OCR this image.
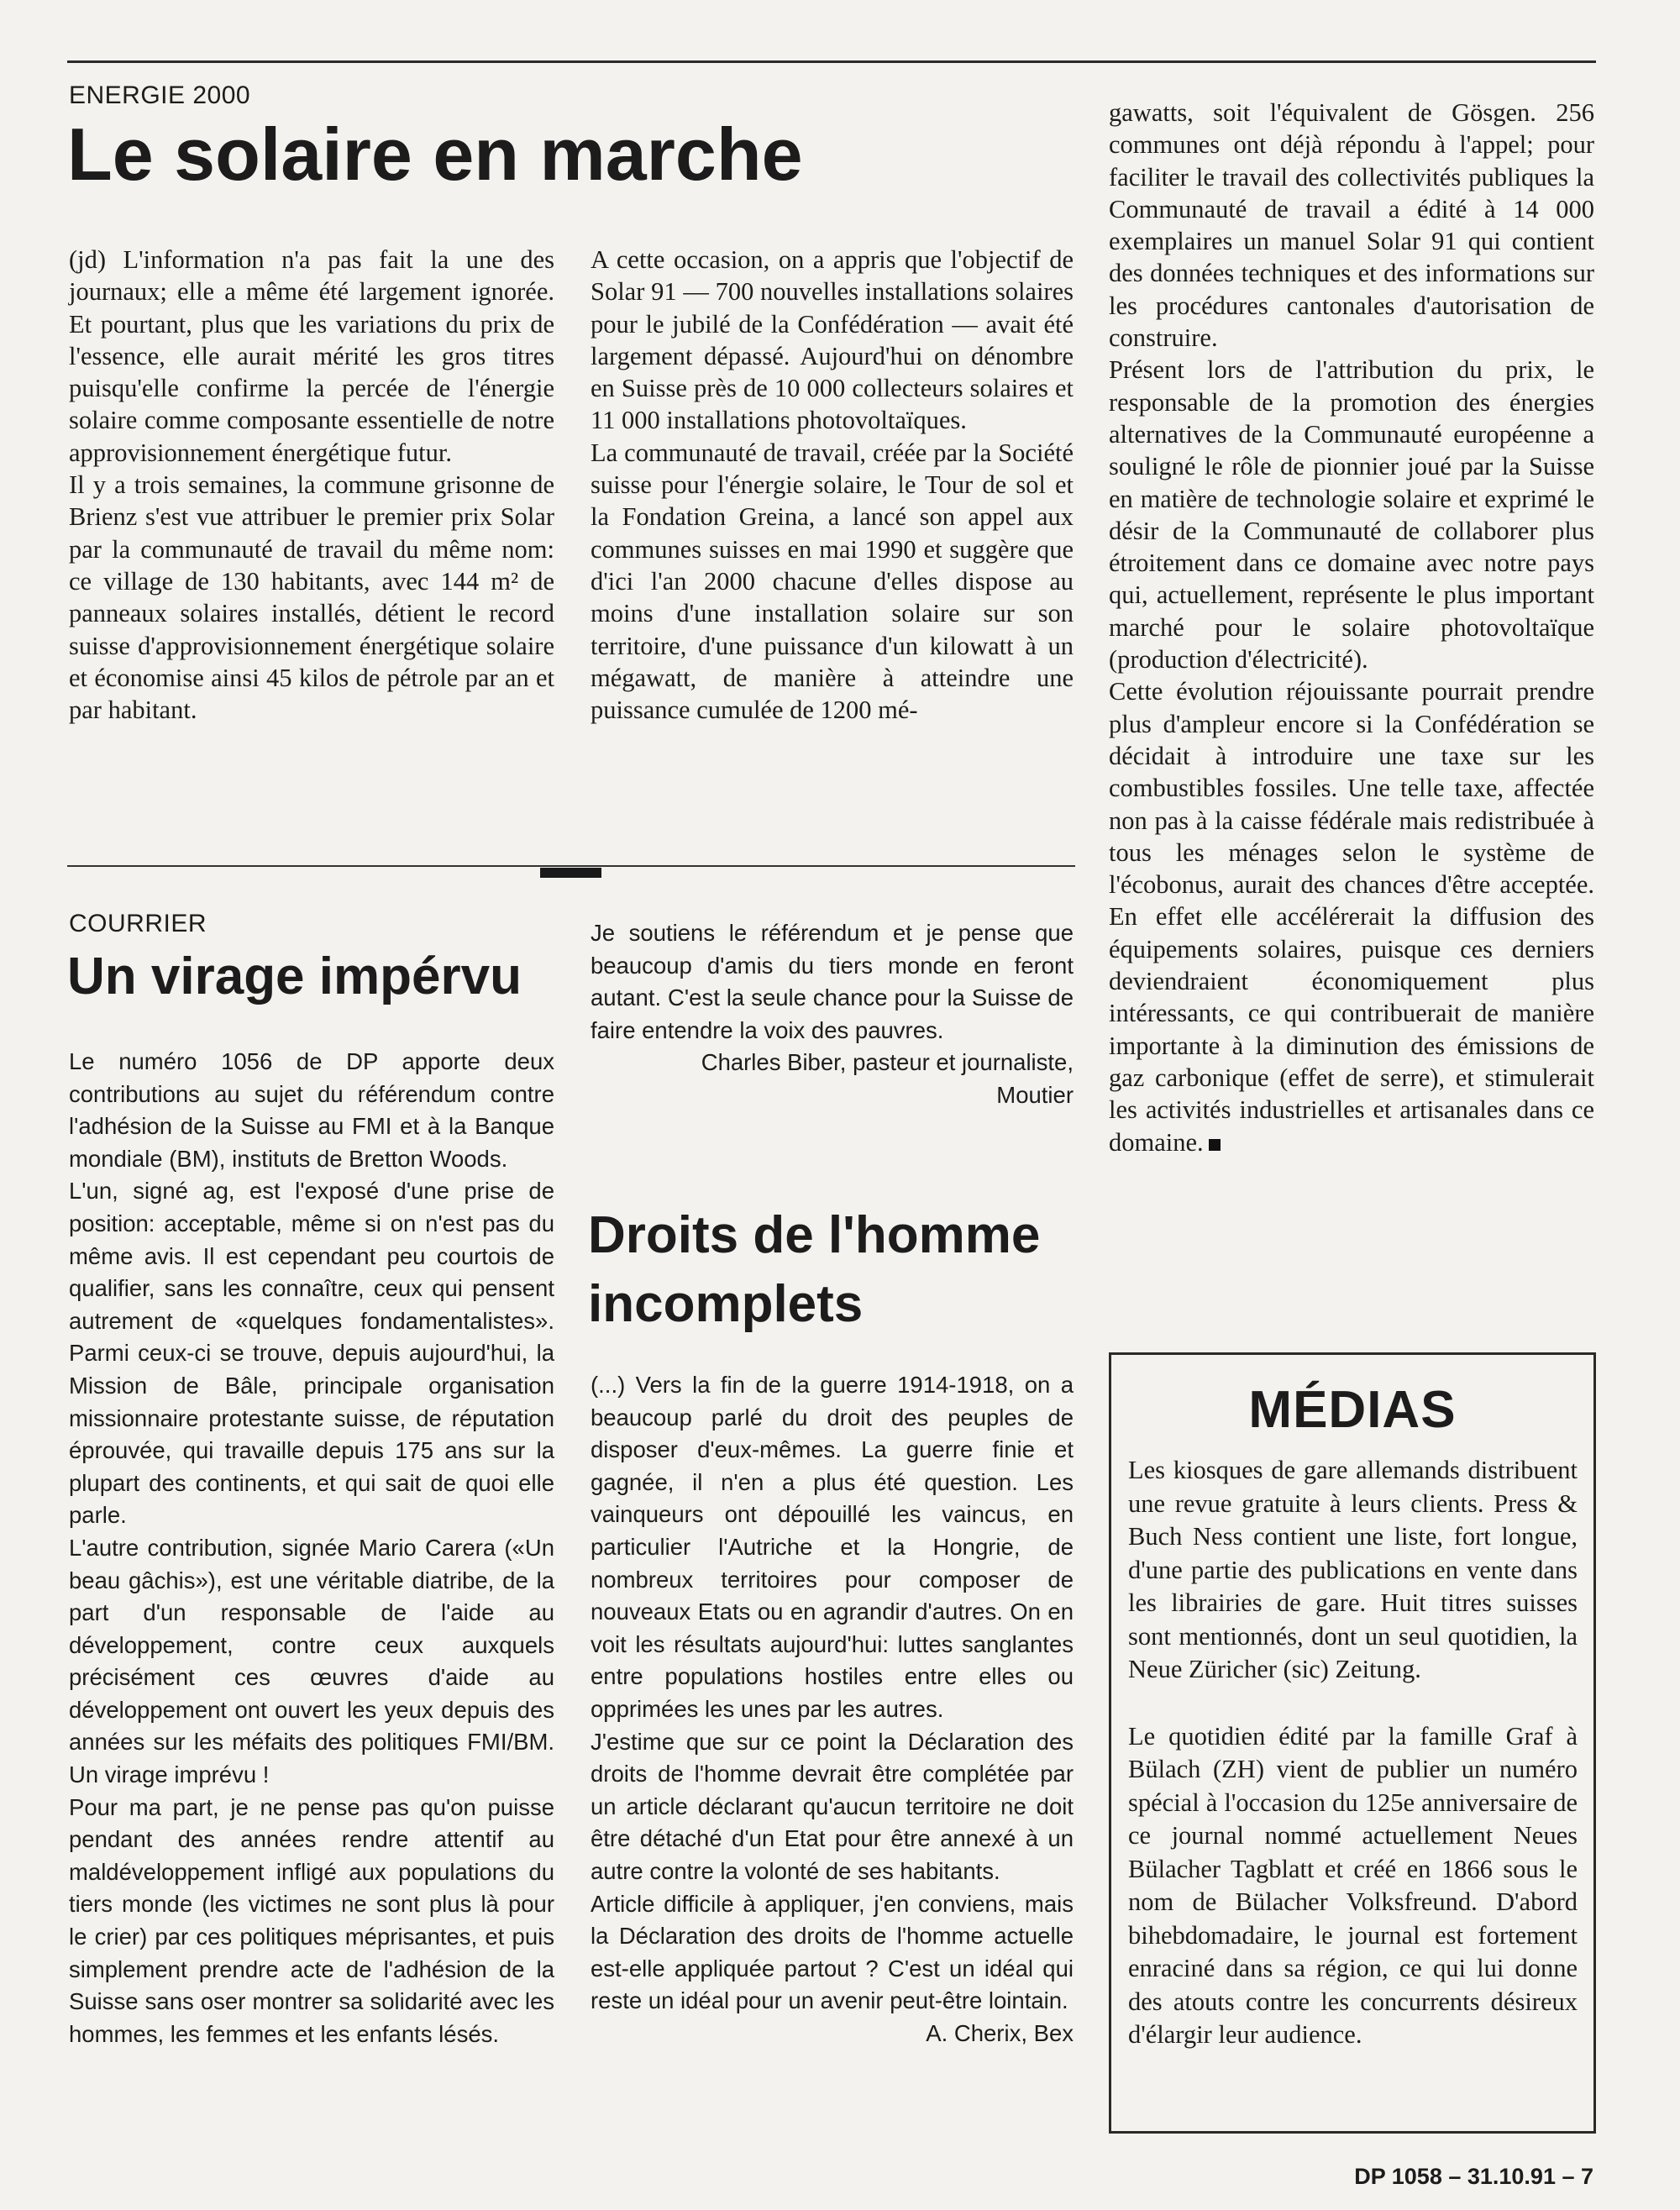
ENERGIE 2000
Le solaire en marche

(jd) L'information n'a pas fait la une des journaux; elle a même été largement ignorée. Et pourtant, plus que les variations du prix de l'essence, elle aurait mérité les gros titres puisqu'elle confirme la percée de l'énergie solaire comme composante essentielle de notre approvisionnement énergétique futur.

Il y a trois semaines, la commune grisonne de Brienz s'est vue attribuer le premier prix Solar par la communauté de travail du même nom: ce village de 130 habitants, avec 144 m² de panneaux solaires installés, détient le record suisse d'approvisionnement énergétique solaire et économise ainsi 45 kilos de pétrole par an et par habitant.

A cette occasion, on a appris que l'objectif de Solar 91 — 700 nouvelles installations solaires pour le jubilé de la Confédération — avait été largement dépassé. Aujourd'hui on dénombre en Suisse près de 10 000 collecteurs solaires et 11 000 installations photovoltaïques.

La communauté de travail, créée par la Société suisse pour l'énergie solaire, le Tour de sol et la Fondation Greina, a lancé son appel aux communes suisses en mai 1990 et suggère que d'ici l'an 2000 chacune d'elles dispose au moins d'une installation solaire sur son territoire, d'une puissance d'un kilowatt à un mégawatt, de manière à atteindre une puissance cumulée de 1200 mé-

gawatts, soit l'équivalent de Gösgen. 256 communes ont déjà répondu à l'appel; pour faciliter le travail des collectivités publiques la Communauté de travail a édité à 14 000 exemplaires un manuel Solar 91 qui contient des données techniques et des informations sur les procédures cantonales d'autorisation de construire.

Présent lors de l'attribution du prix, le responsable de la promotion des énergies alternatives de la Communauté européenne a souligné le rôle de pionnier joué par la Suisse en matière de technologie solaire et exprimé le désir de la Communauté de collaborer plus étroitement dans ce domaine avec notre pays qui, actuellement, représente le plus important marché pour le solaire photovoltaïque (production d'électricité).

Cette évolution réjouissante pourrait prendre plus d'ampleur encore si la Confédération se décidait à introduire une taxe sur les combustibles fossiles. Une telle taxe, affectée non pas à la caisse fédérale mais redistribuée à tous les ménages selon le système de l'écobonus, aurait des chances d'être acceptée. En effet elle accélérerait la diffusion des équipements solaires, puisque ces derniers deviendraient économiquement plus intéressants, ce qui contribuerait de manière importante à la diminution des émissions de gaz carbonique (effet de serre), et stimulerait les activités industrielles et artisanales dans ce domaine.

COURRIER
Un virage impérvu

Le numéro 1056 de DP apporte deux contributions au sujet du référendum contre l'adhésion de la Suisse au FMI et à la Banque mondiale (BM), instituts de Bretton Woods.

L'un, signé ag, est l'exposé d'une prise de position: acceptable, même si on n'est pas du même avis. Il est cependant peu courtois de qualifier, sans les connaître, ceux qui pensent autrement de «quelques fondamentalistes». Parmi ceux-ci se trouve, depuis aujourd'hui, la Mission de Bâle, principale organisation missionnaire protestante suisse, de réputation éprouvée, qui travaille depuis 175 ans sur la plupart des continents, et qui sait de quoi elle parle.

L'autre contribution, signée Mario Carera («Un beau gâchis»), est une véritable diatribe, de la part d'un responsable de l'aide au développement, contre ceux auxquels précisément ces œuvres d'aide au développement ont ouvert les yeux depuis des années sur les méfaits des politiques FMI/BM. Un virage imprévu !

Pour ma part, je ne pense pas qu'on puisse pendant des années rendre attentif au maldéveloppement infligé aux populations du tiers monde (les victimes ne sont plus là pour le crier) par ces politiques méprisantes, et puis simplement prendre acte de l'adhésion de la Suisse sans oser montrer sa solidarité avec les hommes, les femmes et les enfants lésés.

Je soutiens le référendum et je pense que beaucoup d'amis du tiers monde en feront autant. C'est la seule chance pour la Suisse de faire entendre la voix des pauvres.

Charles Biber, pasteur et journaliste, Moutier

Droits de l'homme
incomplets

(...) Vers la fin de la guerre 1914-1918, on a beaucoup parlé du droit des peuples de disposer d'eux-mêmes. La guerre finie et gagnée, il n'en a plus été question. Les vainqueurs ont dépouillé les vaincus, en particulier l'Autriche et la Hongrie, de nombreux territoires pour composer de nouveaux Etats ou en agrandir d'autres. On en voit les résultats aujourd'hui: luttes sanglantes entre populations hostiles entre elles ou opprimées les unes par les autres.

J'estime que sur ce point la Déclaration des droits de l'homme devrait être complétée par un article déclarant qu'aucun territoire ne doit être détaché d'un Etat pour être annexé à un autre contre la volonté de ses habitants.

Article difficile à appliquer, j'en conviens, mais la Déclaration des droits de l'homme actuelle est-elle appliquée partout ? C'est un idéal qui reste un idéal pour un avenir peut-être lointain.

A. Cherix, Bex

MÉDIAS

Les kiosques de gare allemands distribuent une revue gratuite à leurs clients. Press & Buch Ness contient une liste, fort longue, d'une partie des publications en vente dans les librairies de gare. Huit titres suisses sont mentionnés, dont un seul quotidien, la Neue Züricher (sic) Zeitung.

Le quotidien édité par la famille Graf à Bülach (ZH) vient de publier un numéro spécial à l'occasion du 125e anniversaire de ce journal nommé actuellement Neues Bülacher Tagblatt et créé en 1866 sous le nom de Bülacher Volksfreund. D'abord bihebdomadaire, le journal est fortement enraciné dans sa région, ce qui lui donne des atouts contre les concurrents désireux d'élargir leur audience.

DP 1058 – 31.10.91 – 7
